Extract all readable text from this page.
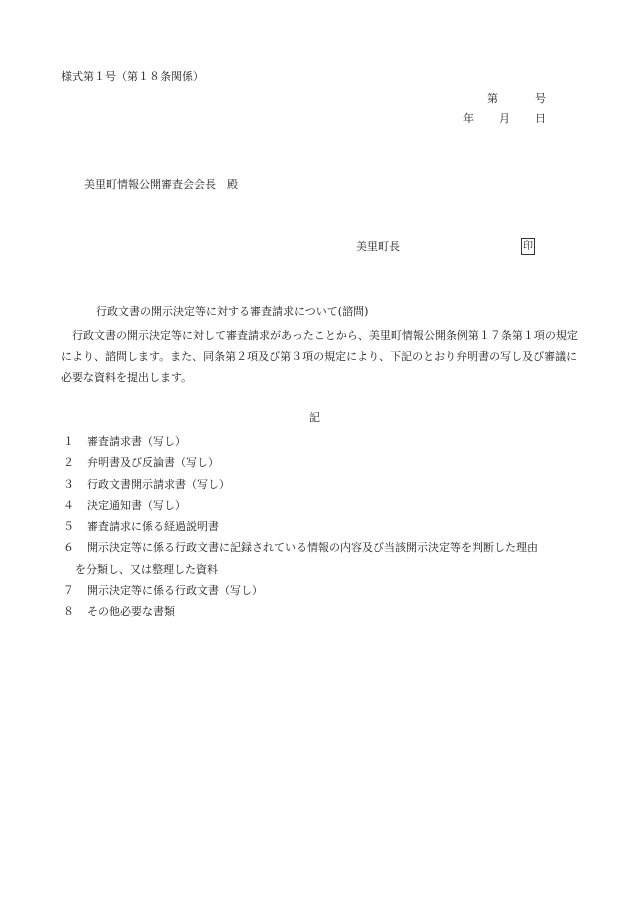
様式第１号（第１８条関係）
第	号
年 月 日
美里町情報公開審査会会長　殿
美里町長	印
行政文書の開示決定等に対する審査請求について(諮問)

行政文書の開示決定等に対して審査請求があったことから、美里町情報公開条例第１７条第１項の規定により、諮問します。また、同条第２項及び第３項の規定により、下記のとおり弁明書の写し及び審議に必要な資料を提出します。

記
１	審査請求書（写し）
２	弁明書及び反論書（写し）
３	行政文書開示請求書（写し）
４	決定通知書（写し）
５	審査請求に係る経過説明書
６	開示決定等に係る行政文書に記録されている情報の内容及び当該開示決定等を判断した理由
を分類し、又は整理した資料
７	開示決定等に係る行政文書（写し）
８	その他必要な書類
